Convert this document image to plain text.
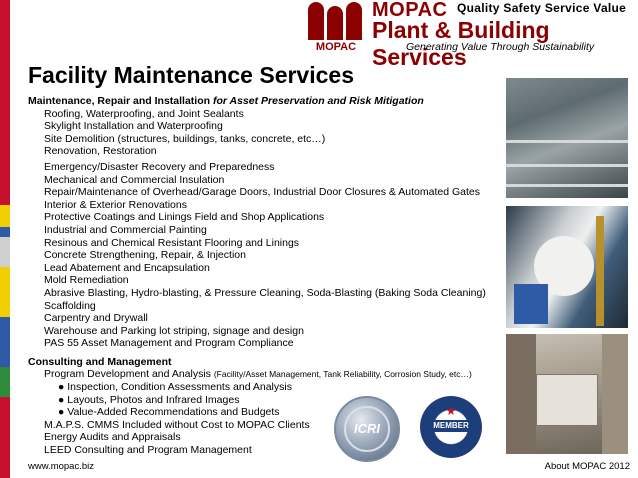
MOPAC
MOPAC Quality Safety Service Value
Plant & Building Services
Generating Value Through Sustainability
Facility Maintenance Services
Maintenance, Repair and Installation for Asset Preservation and Risk Mitigation
Roofing, Waterproofing, and Joint Sealants
Skylight Installation and Waterproofing
Site Demolition (structures, buildings, tanks, concrete, etc…)
Renovation, Restoration
Emergency/Disaster Recovery and Preparedness
Mechanical and Commercial Insulation
Repair/Maintenance of Overhead/Garage Doors, Industrial Door Closures & Automated Gates
Interior & Exterior Renovations
Protective Coatings and Linings Field and Shop Applications
Industrial and Commercial Painting
Resinous and Chemical Resistant Flooring and Linings
Concrete Strengthening, Repair, & Injection
Lead Abatement and Encapsulation
Mold Remediation
Abrasive Blasting, Hydro-blasting, & Pressure Cleaning, Soda-Blasting (Baking Soda Cleaning)
Scaffolding
Carpentry and Drywall
Warehouse and Parking lot striping, signage and design
PAS 55 Asset Management and Program Compliance
Consulting and Management
Program Development and Analysis (Facility/Asset Management, Tank Reliability, Corrosion Study, etc…)
● Inspection, Condition Assessments and Analysis
● Layouts, Photos and Infrared Images
● Value-Added Recommendations and Budgets
M.A.P.S. CMMS Included without Cost to MOPAC Clients
Energy Audits and Appraisals
LEED Consulting and Program Management
ICRI
★
MEMBER
www.mopac.biz	About MOPAC 2012
